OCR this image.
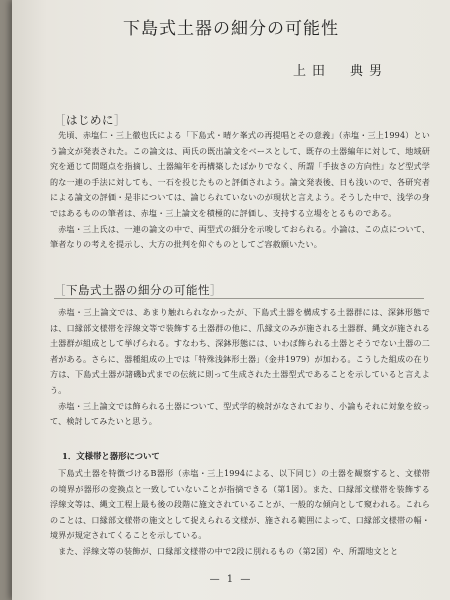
下島式土器の細分の可能性
上田　典男
［はじめに］

先頃、赤塩仁・三上徹也氏による「下島式・晴ケ峯式の再提唱とその意義」（赤塩・三上1994）という論文が発表された。この論文は、両氏の既出論文をベースとして、既存の土器編年に対して、地域研究を通じて問題点を指摘し、土器編年を再構築したばかりでなく、所謂「手抜きの方向性」など型式学的な一連の手法に対しても、一石を投じたものと評価されよう。論文発表後、日も浅いので、各研究者による論文の評価・是非については、論じられていないのが現状と言えよう。そうした中で、浅学の身ではあるものの筆者は、赤塩・三上論文を積極的に評価し、支持する立場をとるものである。

赤塩・三上氏は、一連の論文の中で、両型式の細分を示唆しておられる。小論は、この点について、筆者なりの考えを提示し、大方の批判を仰ぐものとしてご容赦願いたい。

［下島式土器の細分の可能性］

赤塩・三上論文では、あまり触れられなかったが、下島式土器を構成する土器群には、深鉢形態では、口縁部文様帯を浮線文等で装飾する土器群の他に、爪縁文のみが施される土器群、縄文が施される土器群が組成として挙げられる。すなわち、深鉢形態には、いわば飾られる土器とそうでない土器の二者がある。さらに、器種組成の上では「特殊浅鉢形土器」（金井1979）が加わる。こうした組成の在り方は、下島式土器が諸磯b式までの伝統に則って生成された土器型式であることを示していると言えよう。

赤塩・三上論文では飾られる土器について、型式学的検討がなされており、小論もそれに対象を絞って、検討してみたいと思う。

1．文様帯と器形について

下島式土器を特徴づけるB器形（赤塩・三上1994による、以下同じ）の土器を観察すると、文様帯の境界が器形の変換点と一致していないことが指摘できる（第1図）。また、口縁部文様帯を装飾する浮線文等は、縄文工程上最も後の段階に施文されていることが、一般的な傾向として窺われる。これらのことは、口縁部文様帯の施文として捉えられる文様が、施される範囲によって、口縁部文様帯の幅・境界が規定されてくることを示している。

また、浮線文等の装飾が、口縁部文様帯の中で2段に別れるもの（第2図）や、所謂地文とと

— 1 —
